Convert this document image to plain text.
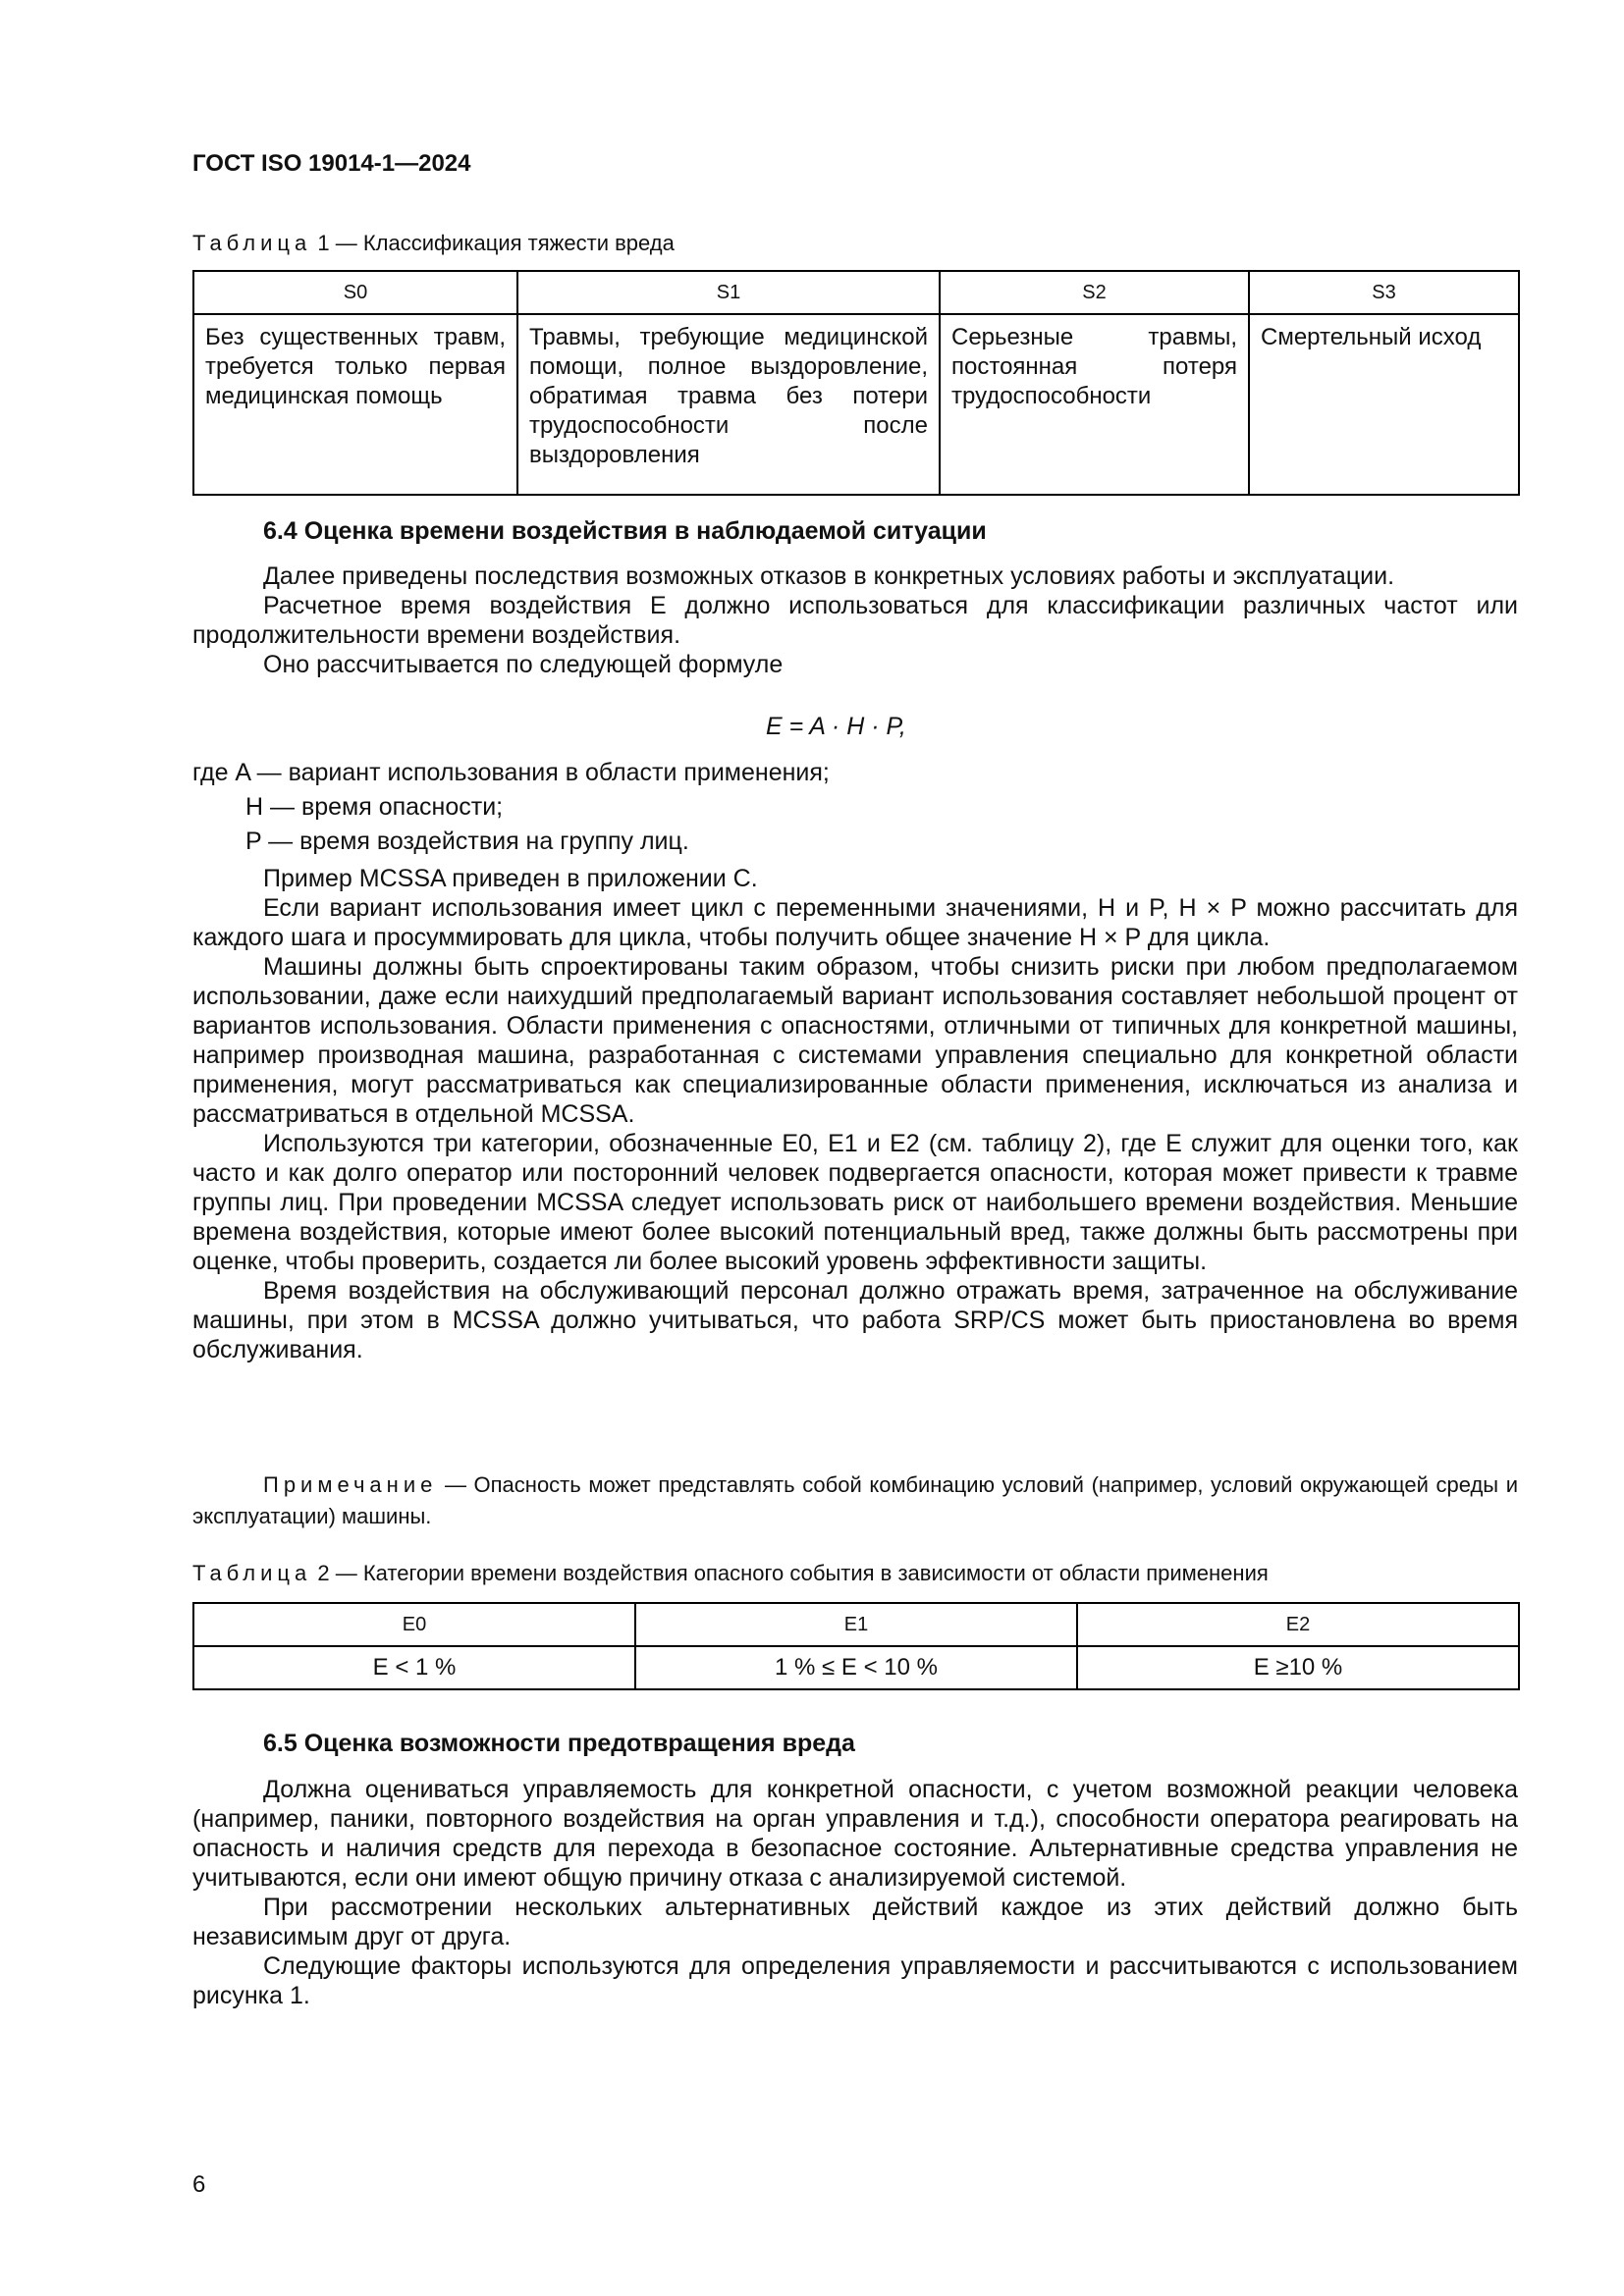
ГОСТ ISO 19014-1—2024
Таблица 1 — Классификация тяжести вреда
S0	S1	S2	S3
Без существенных травм, требуется только первая медицинская помощь	Травмы, требующие медицинской помощи, полное выздоровление, обратимая травма без потери трудоспособности после выздоровления	Серьезные травмы, постоянная потеря трудоспособности	Смертельный исход
6.4 Оценка времени воздействия в наблюдаемой ситуации

Далее приведены последствия возможных отказов в конкретных условиях работы и эксплуатации.

Расчетное время воздействия E должно использоваться для классификации различных частот или продолжительности времени воздействия.

Оно рассчитывается по следующей формуле

E = A · H · P,
где A — вариант использования в области применения;
H — время опасности;
P — время воздействия на группу лиц.

Пример MCSSA приведен в приложении С.

Если вариант использования имеет цикл с переменными значениями, H и P, H × P можно рассчитать для каждого шага и просуммировать для цикла, чтобы получить общее значение H × P для цикла.

Машины должны быть спроектированы таким образом, чтобы снизить риски при любом предполагаемом использовании, даже если наихудший предполагаемый вариант использования составляет небольшой процент от вариантов использования. Области применения с опасностями, отличными от типичных для конкретной машины, например производная машина, разработанная с системами управления специально для конкретной области применения, могут рассматриваться как специализированные области применения, исключаться из анализа и рассматриваться в отдельной MCSSA.

Используются три категории, обозначенные E0, E1 и E2 (см. таблицу 2), где E служит для оценки того, как часто и как долго оператор или посторонний человек подвергается опасности, которая может привести к травме группы лиц. При проведении MCSSA следует использовать риск от наибольшего времени воздействия. Меньшие времена воздействия, которые имеют более высокий потенциальный вред, также должны быть рассмотрены при оценке, чтобы проверить, создается ли более высокий уровень эффективности защиты.

Время воздействия на обслуживающий персонал должно отражать время, затраченное на обслуживание машины, при этом в MCSSA должно учитываться, что работа SRP/CS может быть приостановлена во время обслуживания.

Примечание — Опасность может представлять собой комбинацию условий (например, условий окружающей среды и эксплуатации) машины.
Таблица 2 — Категории времени воздействия опасного события в зависимости от области применения
E0	E1	E2
E < 1 %	1 % ≤ E < 10 %	E ≥10 %
6.5 Оценка возможности предотвращения вреда

Должна оцениваться управляемость для конкретной опасности, с учетом возможной реакции человека (например, паники, повторного воздействия на орган управления и т.д.), способности оператора реагировать на опасность и наличия средств для перехода в безопасное состояние. Альтернативные средства управления не учитываются, если они имеют общую причину отказа с анализируемой системой.

При рассмотрении нескольких альтернативных действий каждое из этих действий должно быть независимым друг от друга.

Следующие факторы используются для определения управляемости и рассчитываются с использованием рисунка 1.

6
